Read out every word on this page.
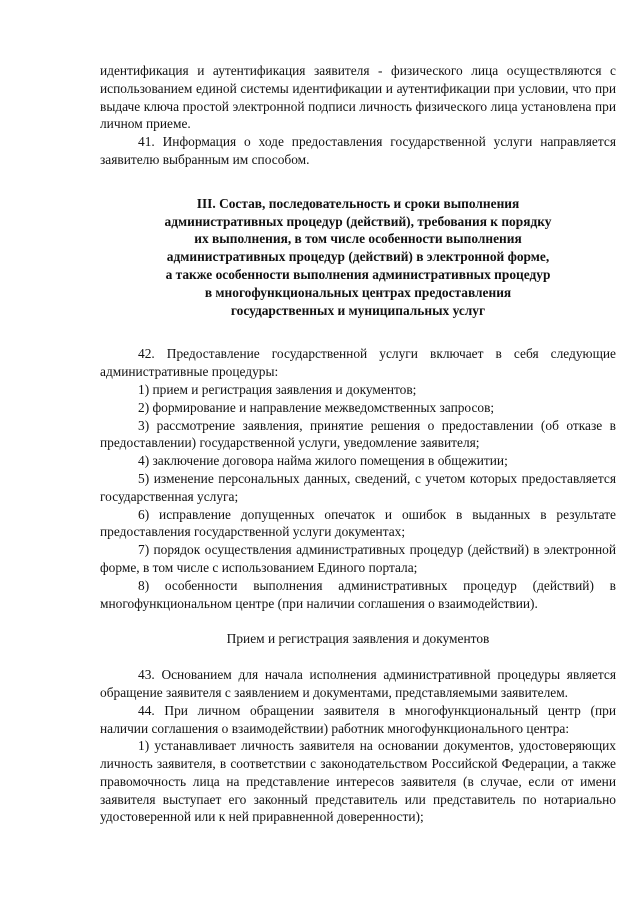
идентификация и аутентификация заявителя - физического лица осуществляются с использованием единой системы идентификации и аутентификации при условии, что при выдаче ключа простой электронной подписи личность физического лица установлена при личном приеме.

41. Информация о ходе предоставления государственной услуги направляется заявителю выбранным им способом.

III. Состав, последовательность и сроки выполнения
административных процедур (действий), требования к порядку
их выполнения, в том числе особенности выполнения
административных процедур (действий) в электронной форме,
а также особенности выполнения административных процедур
в многофункциональных центрах предоставления
государственных и муниципальных услуг

42. Предоставление государственной услуги включает в себя следующие административные процедуры:

1) прием и регистрация заявления и документов;

2) формирование и направление межведомственных запросов;

3) рассмотрение заявления, принятие решения о предоставлении (об отказе в предоставлении) государственной услуги, уведомление заявителя;

4) заключение договора найма жилого помещения в общежитии;

5) изменение персональных данных, сведений, с учетом которых предоставляется государственная услуга;

6) исправление допущенных опечаток и ошибок в выданных в результате предоставления государственной услуги документах;

7) порядок осуществления административных процедур (действий) в электронной форме, в том числе с использованием Единого портала;

8) особенности выполнения административных процедур (действий) в многофункциональном центре (при наличии соглашения о взаимодействии).

Прием и регистрация заявления и документов

43. Основанием для начала исполнения административной процедуры является обращение заявителя с заявлением и документами, представляемыми заявителем.

44. При личном обращении заявителя в многофункциональный центр (при наличии соглашения о взаимодействии) работник многофункционального центра:

1) устанавливает личность заявителя на основании документов, удостоверяющих личность заявителя, в соответствии с законодательством Российской Федерации, а также правомочность лица на представление интересов заявителя (в случае, если от имени заявителя выступает его законный представитель или представитель по нотариально удостоверенной или к ней приравненной доверенности);
